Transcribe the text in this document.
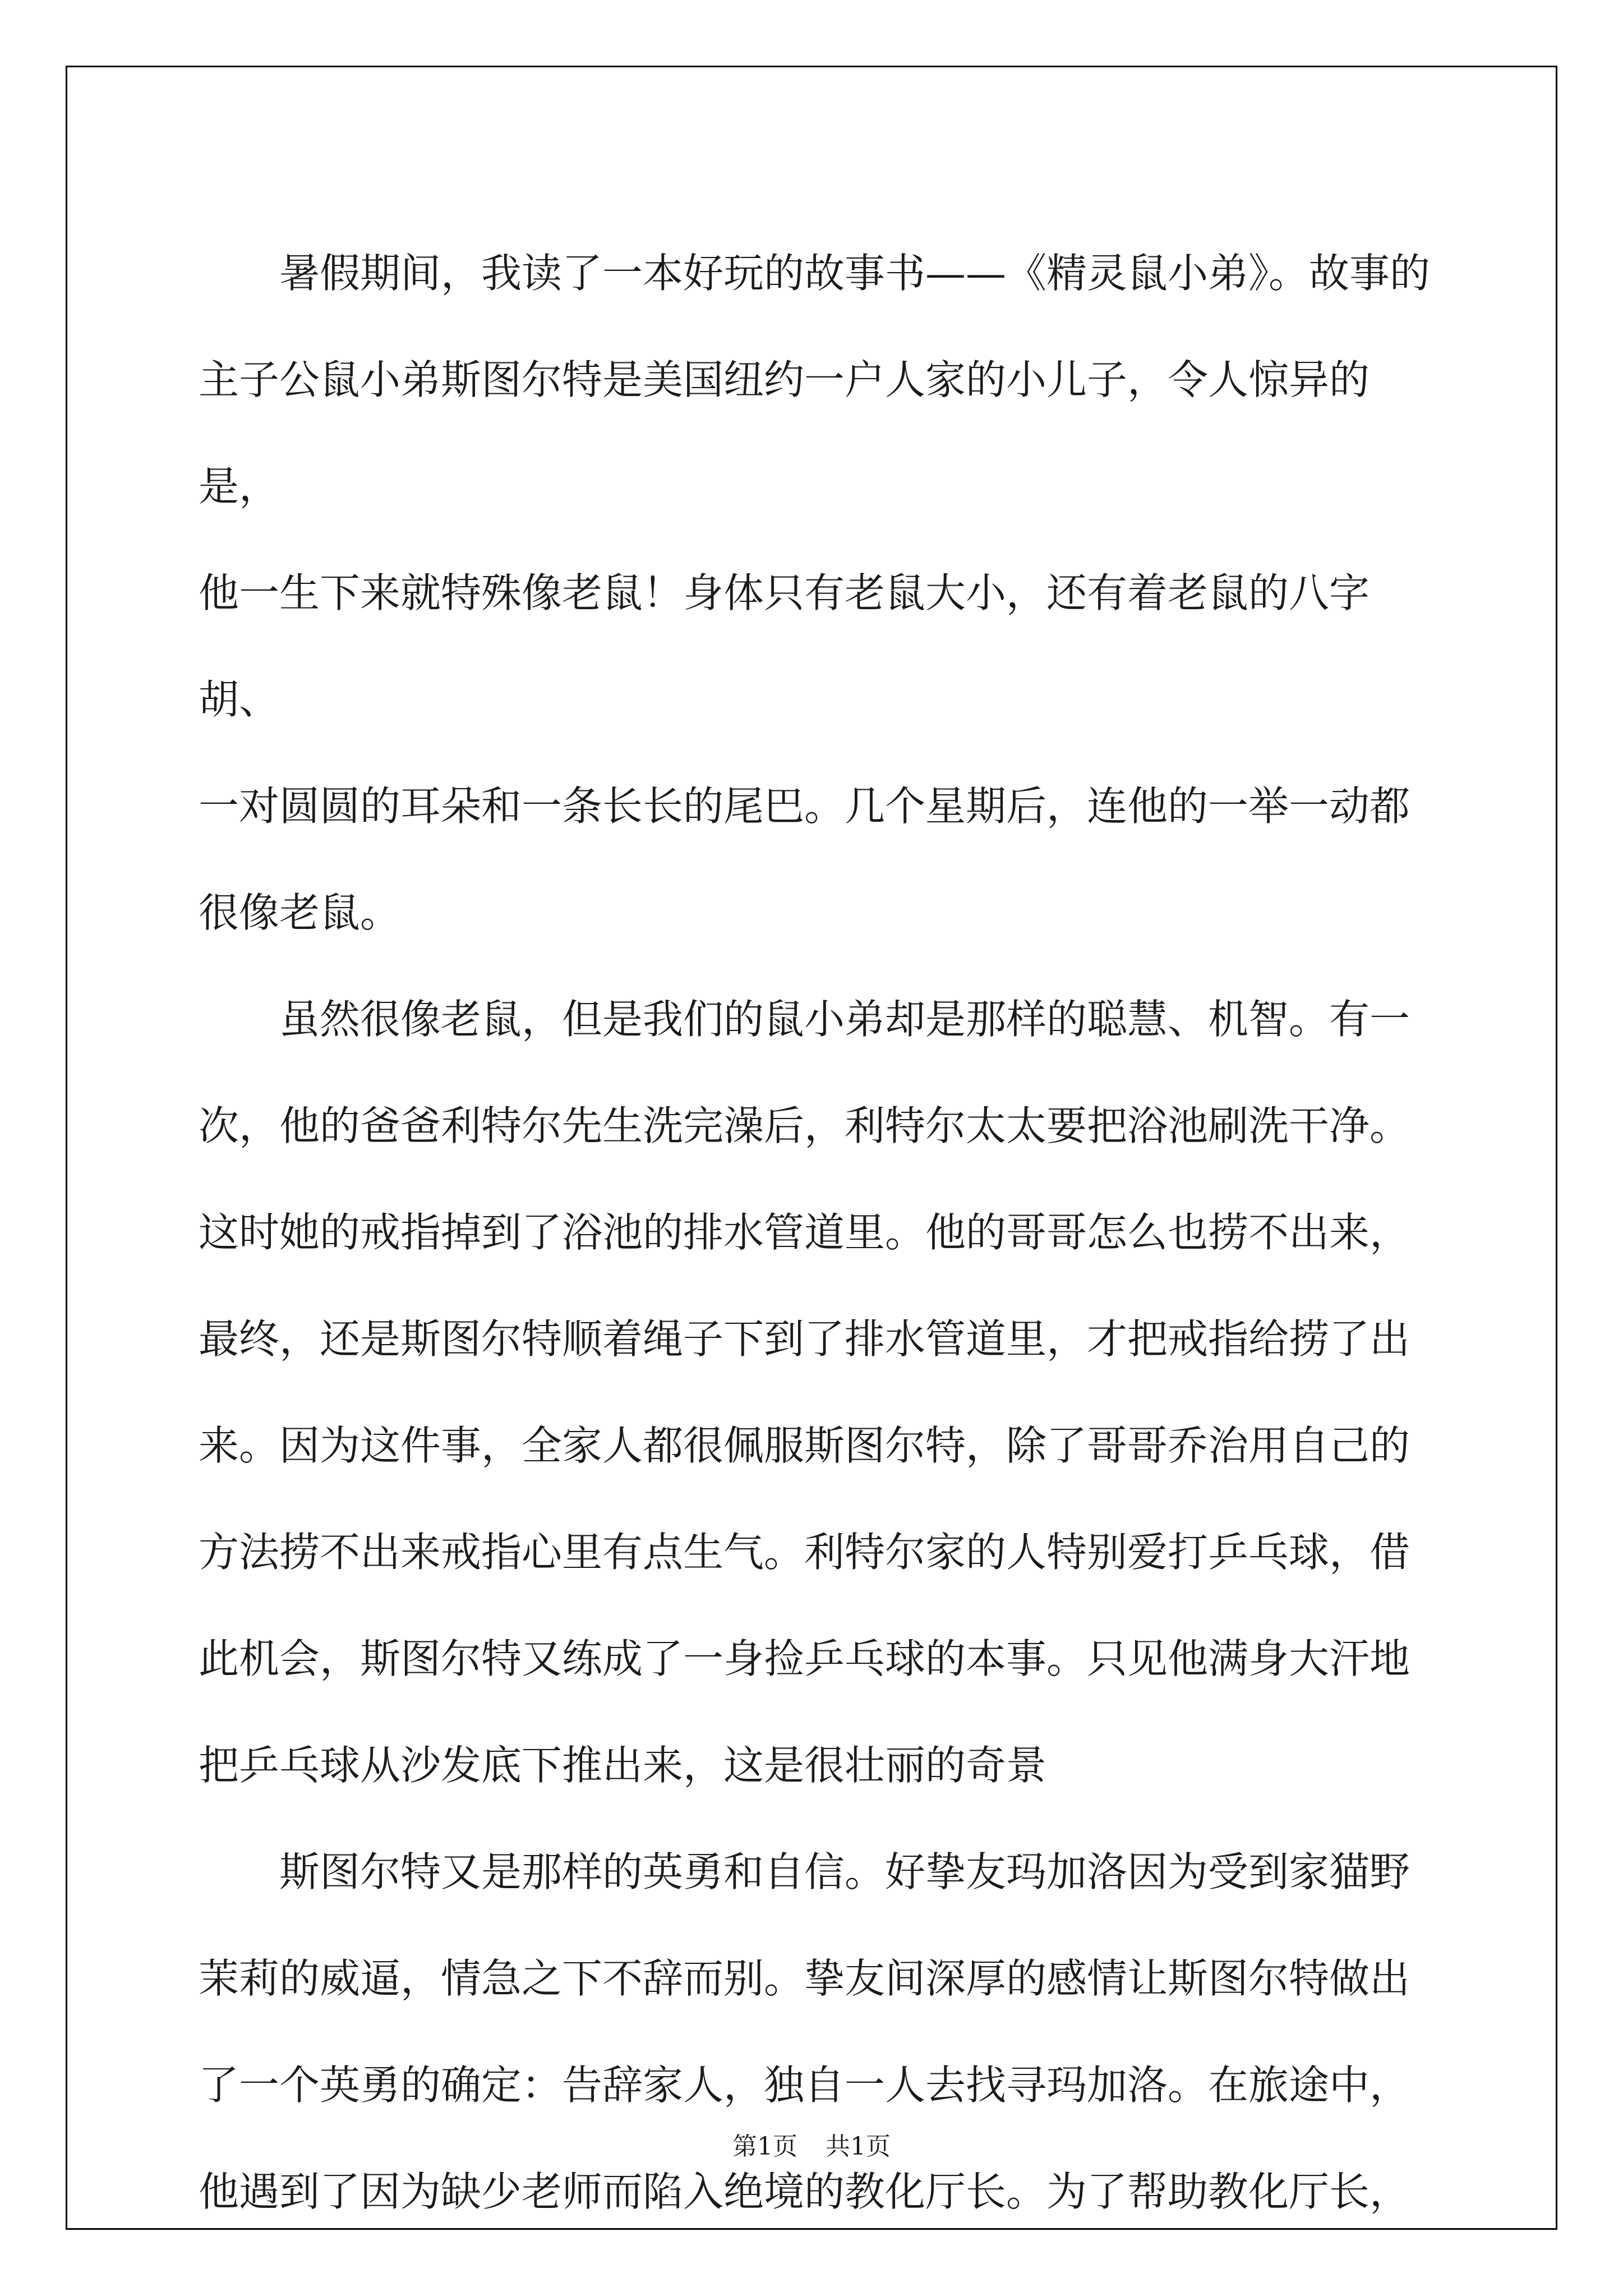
暑假期间，我读了一本好玩的故事书——《精灵鼠小弟》。故事的
主子公鼠小弟斯图尔特是美国纽约一户人家的小儿子，令人惊异的是，
他一生下来就特殊像老鼠！身体只有老鼠大小，还有着老鼠的八字胡、
一对圆圆的耳朵和一条长长的尾巴。几个星期后，连他的一举一动都
很像老鼠。

虽然很像老鼠，但是我们的鼠小弟却是那样的聪慧、机智。有一
次，他的爸爸利特尔先生洗完澡后，利特尔太太要把浴池刷洗干净。
这时她的戒指掉到了浴池的排水管道里。他的哥哥怎么也捞不出来，
最终，还是斯图尔特顺着绳子下到了排水管道里，才把戒指给捞了出
来。因为这件事，全家人都很佩服斯图尔特，除了哥哥乔治用自己的
方法捞不出来戒指心里有点生气。利特尔家的人特别爱打乒乓球，借
此机会，斯图尔特又练成了一身捡乒乓球的本事。只见他满身大汗地
把乒乓球从沙发底下推出来，这是很壮丽的奇景

斯图尔特又是那样的英勇和自信。好挚友玛加洛因为受到家猫野
茉莉的威逼，情急之下不辞而别。挚友间深厚的感情让斯图尔特做出
了一个英勇的确定：告辞家人，独自一人去找寻玛加洛。在旅途中，
他遇到了因为缺少老师而陷入绝境的教化厅长。为了帮助教化厅长，

第1页 共1页
